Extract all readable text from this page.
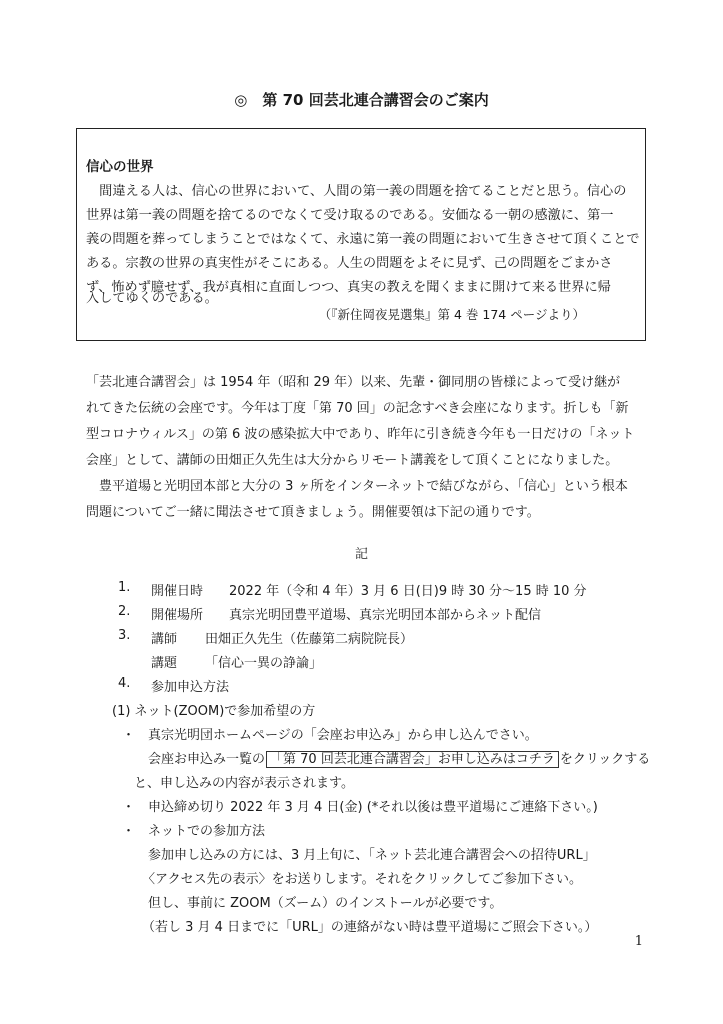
◎　第 70 回芸北連合講習会のご案内
信心の世界
　間違える人は、信心の世界において、人間の第一義の問題を捨てることだと思う。信心の
世界は第一義の問題を捨てるのでなくて受け取るのである。安価なる一朝の感激に、第一
義の問題を葬ってしまうことではなくて、永遠に第一義の問題において生きさせて頂くことで
ある。宗教の世界の真実性がそこにある。人生の問題をよそに見ず、己の問題をごまかさ
ず、怖めず臆せず、我が真相に直面しつつ、真実の教えを聞くままに開けて来る世界に帰
入してゆくのである。
（『新住岡夜晃選集』第 4 巻 174 ページより）
「芸北連合講習会」は 1954 年（昭和 29 年）以来、先輩・御同朋の皆様によって受け継が
れてきた伝統の会座です。今年は丁度「第 70 回」の記念すべき会座になります。折しも「新
型コロナウィルス」の第 6 波の感染拡大中であり、昨年に引き続き今年も一日だけの「ネット
会座」として、講師の田畑正久先生は大分からリモート講義をして頂くことになりました。
　豊平道場と光明団本部と大分の 3 ヶ所をインターネットで結びながら、「信心」という根本
問題についてご一緒に聞法させて頂きましょう。開催要領は下記の通りです。
記
1. 開催日時 2022 年（令和 4 年）3 月 6 日(日)9 時 30 分～15 時 10 分
2. 開催場所 真宗光明団豊平道場、真宗光明団本部からネット配信
3. 講師 田畑正久先生（佐藤第二病院院長）
講題 「信心一異の諍論」
4. 参加申込方法
(1) ネット(ZOOM)で参加希望の方
・ 真宗光明団ホームページの「会座お申込み」から申し込んでさい。
会座お申込み一覧の 「第 70 回芸北連合講習会」お申し込みはコチラ をクリックする
と、申し込みの内容が表示されます。
・ 申込締め切り 2022 年 3 月 4 日(金) (*それ以後は豊平道場にご連絡下さい。)
・ ネットでの参加方法
参加申し込みの方には、3 月上旬に、「ネット芸北連合講習会への招待URL」
〈アクセス先の表示〉をお送りします。それをクリックしてご参加下さい。
但し、事前に ZOOM（ズーム）のインストールが必要です。
（若し 3 月 4 日までに「URL」の連絡がない時は豊平道場にご照会下さい。）
1
